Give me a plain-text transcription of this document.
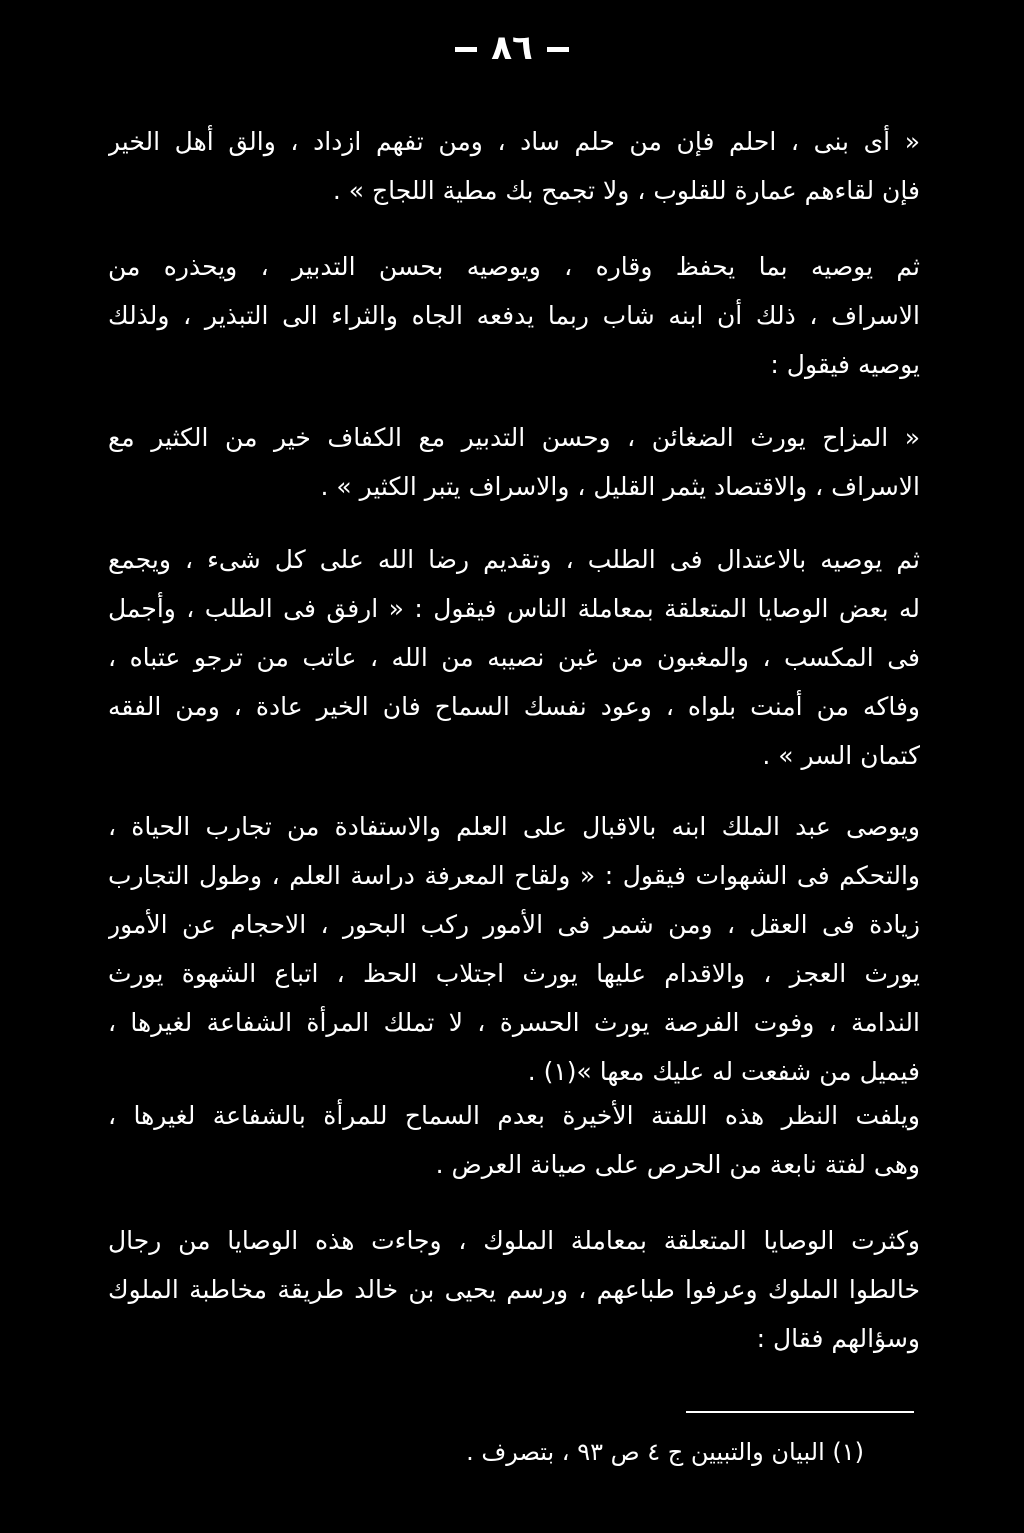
٨٦
« أى بنى ، احلم فإن من حلم ساد ، ومن تفهم ازداد ، والق أهل الخير
فإن لقاءهم عمارة للقلوب ، ولا تجمح بك مطية اللجاج » .
ثم يوصيه بما يحفظ وقاره ، ويوصيه بحسن التدبير ، ويحذره من
الاسراف ، ذلك أن ابنه شاب ربما يدفعه الجاه والثراء الى التبذير ، ولذلك
يوصيه فيقول :
« المزاح يورث الضغائن ، وحسن التدبير مع الكفاف خير من الكثير مع
الاسراف ، والاقتصاد يثمر القليل ، والاسراف يتبر الكثير » .
ثم يوصيه بالاعتدال فى الطلب ، وتقديم رضا الله على كل شىء ، ويجمع
له بعض الوصايا المتعلقة بمعاملة الناس فيقول : « ارفق فى الطلب ، وأجمل
فى المكسب ، والمغبون من غبن نصيبه من الله ، عاتب من ترجو عتباه ،
وفاكه من أمنت بلواه ، وعود نفسك السماح فان الخير عادة ، ومن الفقه
كتمان السر » .
ويوصى عبد الملك ابنه بالاقبال على العلم والاستفادة من تجارب الحياة ،
والتحكم فى الشهوات فيقول : « ولقاح المعرفة دراسة العلم ، وطول التجارب
زيادة فى العقل ، ومن شمر فى الأمور ركب البحور ، الاحجام عن الأمور
يورث العجز ، والاقدام عليها يورث اجتلاب الحظ ، اتباع الشهوة يورث
الندامة ، وفوت الفرصة يورث الحسرة ، لا تملك المرأة الشفاعة لغيرها ،
فيميل من شفعت له عليك معها »(١) .
ويلفت النظر هذه اللفتة الأخيرة بعدم السماح للمرأة بالشفاعة لغيرها ،
وهى لفتة نابعة من الحرص على صيانة العرض .
وكثرت الوصايا المتعلقة بمعاملة الملوك ، وجاءت هذه الوصايا من رجال
خالطوا الملوك وعرفوا طباعهم ، ورسم يحيى بن خالد طريقة مخاطبة الملوك
وسؤالهم فقال :
(١) البيان والتبيين ج ٤ ص ٩٣ ، بتصرف .
